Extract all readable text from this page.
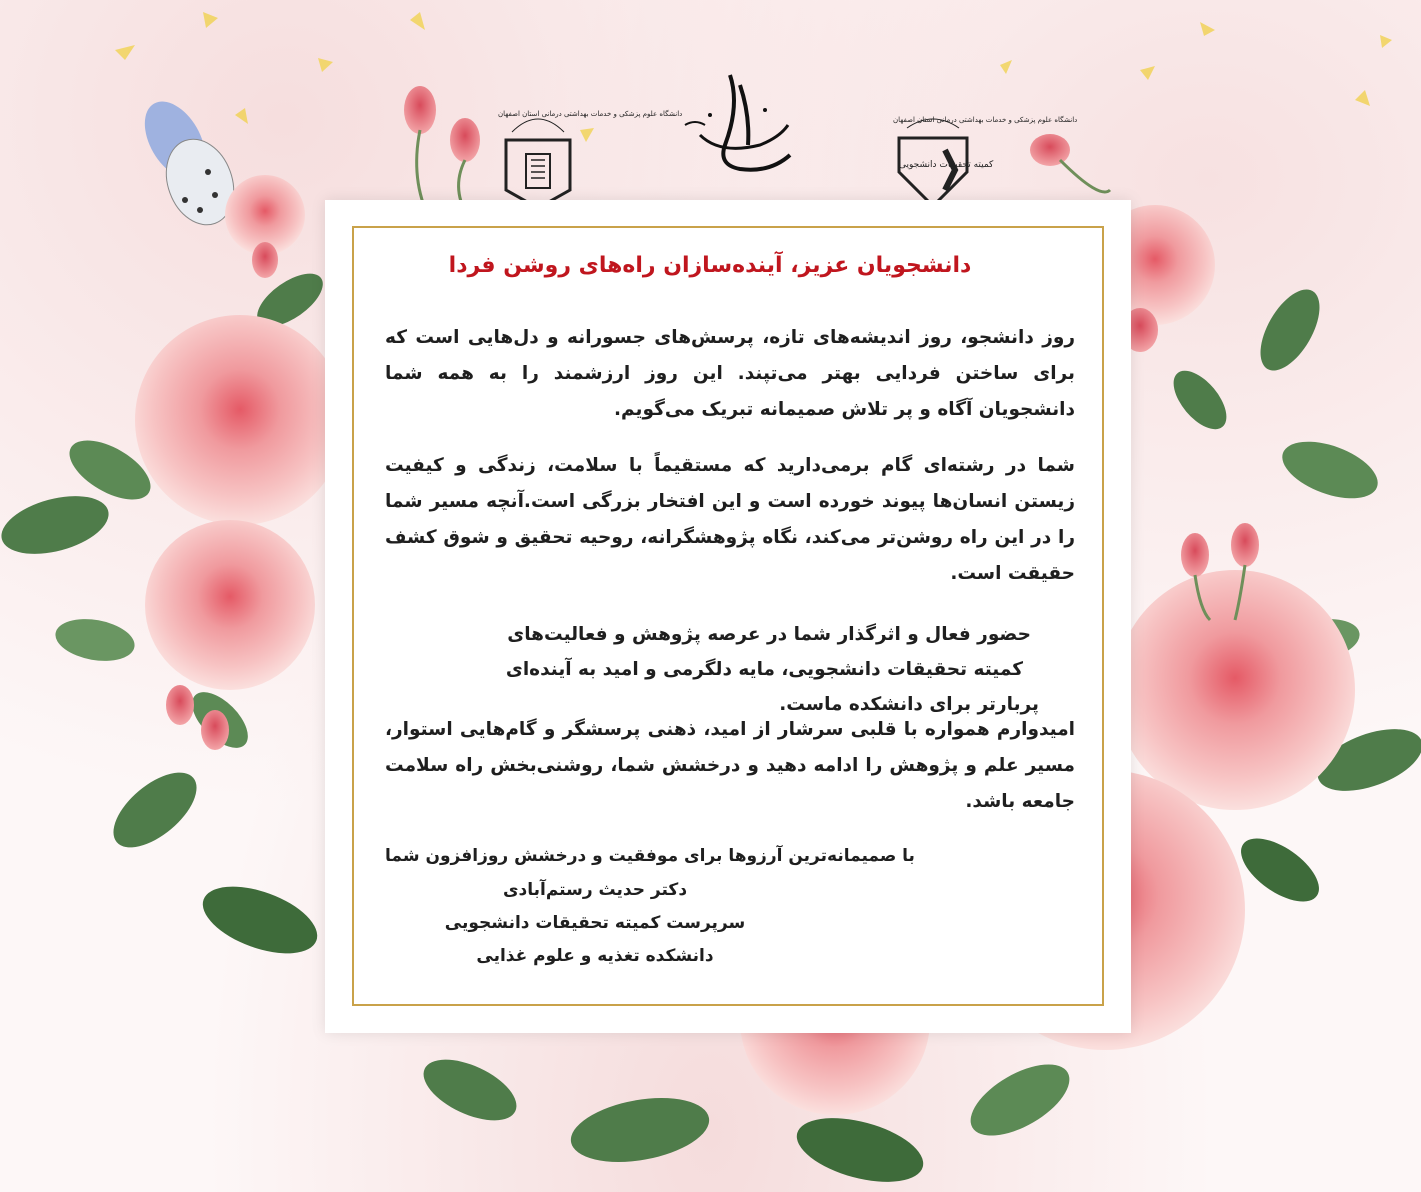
دانشگاه علوم پزشکی و خدمات بهداشتی درمانی استان اصفهان
کمیته تحقیقات دانشجویی
دانشگاه علوم پزشکی و خدمات بهداشتی درمانی استان اصفهان
دانشجویان عزیز، آینده‌سازان راه‌های روشن فردا
روز دانشجو، روز اندیشه‌های تازه، پرسش‌های جسورانه و دل‌هایی است که برای ساختن فردایی بهتر می‌تپند. این روز ارزشمند را به همه شما دانشجویان آگاه و پر تلاش صمیمانه تبریک می‌گویم.
شما در رشته‌ای گام برمی‌دارید که مستقیماً با سلامت، زندگی و کیفیت زیستن انسان‌ها پیوند خورده است و این افتخار بزرگی است.آنچه مسیر شما را در این راه روشن‌تر می‌کند، نگاه پژوهشگرانه، روحیه تحقیق و شوق کشف حقیقت است.
حضور فعال و اثرگذار شما در عرصه پژوهش و فعالیت‌های
کمیته تحقیقات دانشجویی، مایه دلگرمی و امید به آینده‌ای
پربارتر برای دانشکده ماست.
امیدوارم همواره با قلبی سرشار از امید، ذهنی پرسشگر و گام‌هایی استوار، مسیر علم و پژوهش را ادامه دهید و درخشش شما، روشنی‌بخش راه سلامت جامعه باشد.
با صمیمانه‌ترین آرزوها برای موفقیت و درخشش روزافزون شما
دکتر حدیث رستم‌آبادی
سرپرست کمیته تحقیقات دانشجویی
دانشکده تغذیه و علوم غذایی
